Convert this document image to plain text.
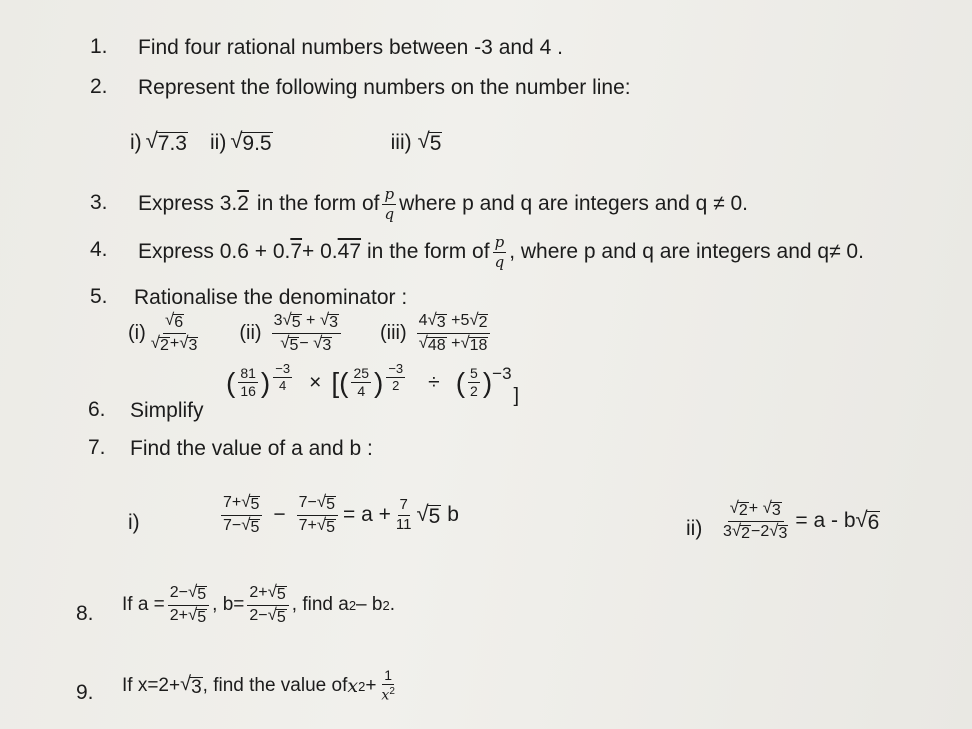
1. Find four rational numbers between -3 and 4 .
2. Represent the following numbers on the number line:
i) √ 7.3 ii) √ 9.5	iii) √ 5
3. Express 3. 2 in the form of $\frac{p}{q}$ where p and q are integers and q ≠ 0.
4. Express 0.6 + 0. 7 + 0. 47 in the form of $\frac{p}{q}$ , where p and q are integers and q≠ 0.
5. Rationalise the denominator :
$(i) \frac{√ 6}{√ 2 + √ 3} (ii) \frac{3 √ 5 + √ 3}{√ 5 - √ 3} (iii) \frac{4 √ 3 +5 √ 2}{√ 48 + √ 18}$
6. Simplify
( $\frac{81}{16}$ ) $\frac{-3}{4}$ × [( $\frac{25}{4}$ ) $\frac{-3}{2}$ ÷ ( $\frac{5}{2}$ ) −3
]
7. Find the value of a and b :
i)	$\frac{7+ √ 5}{7- √ 5} - \frac{7- √ 5}{7+ √ 5} = a + \frac{7}{11}$ √ 5 b
$ii) \frac{√ 2 + √ 3}{3 √ 2 -2 √ 3} = a - b$ √ 6
8. If $a = \frac{2- √ 5}{2+ √ 5}$ , $b= \frac{2+ √ 5}{2- √ 5}$ , find a 2 – b 2 .
9. If x=2+ √ 3 , find the value of x $2 + \frac{1}{x^2}$
